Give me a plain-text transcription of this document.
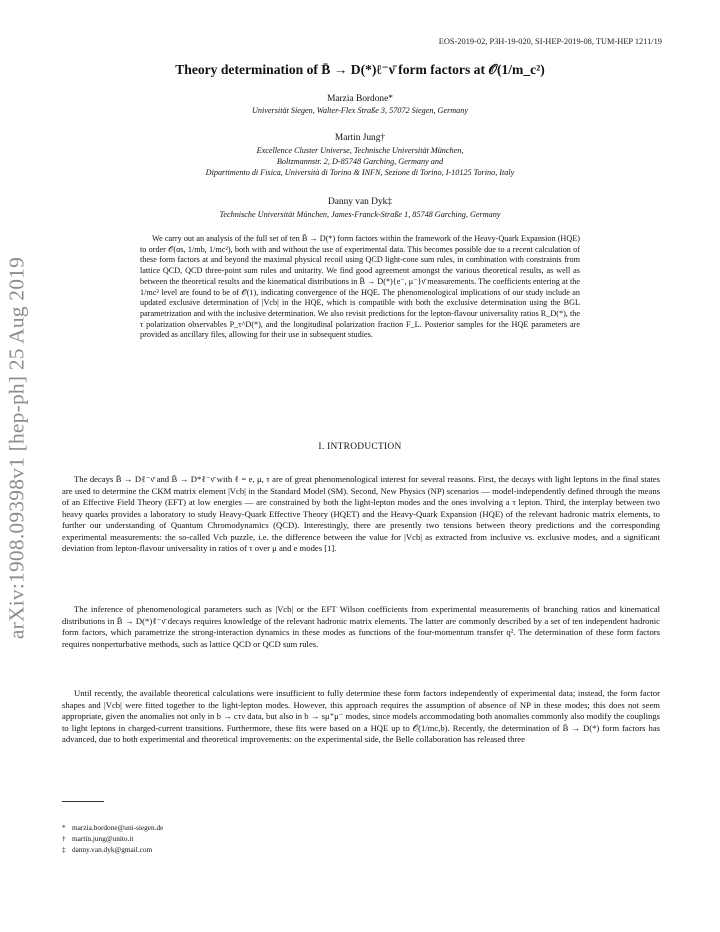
arXiv:1908.09398v1 [hep-ph] 25 Aug 2019
EOS-2019-02, P3H-19-020, SI-HEP-2019-08, TUM-HEP 1211/19
Theory determination of B̄ → D(*)ℓ⁻ν̄ form factors at 𝒪(1/m_c²)
Marzia Bordone*
Universität Siegen, Walter-Flex Straße 3, 57072 Siegen, Germany
Martin Jung†
Excellence Cluster Universe, Technische Universität München,
Boltzmannstr. 2, D-85748 Garching, Germany and
Dipartimento di Fisica, Università di Torino & INFN, Sezione di Torino, I-10125 Torino, Italy
Danny van Dyk‡
Technische Universität München, James-Franck-Straße 1, 85748 Garching, Germany
We carry out an analysis of the full set of ten B̄ → D(*) form factors within the framework of the Heavy-Quark Expansion (HQE) to order 𝒪(αs, 1/mb, 1/mc²), both with and without the use of experimental data. This becomes possible due to a recent calculation of these form factors at and beyond the maximal physical recoil using QCD light-cone sum rules, in combination with constraints from lattice QCD, QCD three-point sum rules and unitarity. We find good agreement amongst the various theoretical results, as well as between the theoretical results and the kinematical distributions in B̄ → D(*){e⁻, μ⁻}ν̄ measurements. The coefficients entering at the 1/mc² level are found to be of 𝒪(1), indicating convergence of the HQE. The phenomenological implications of our study include an updated exclusive determination of |Vcb| in the HQE, which is compatible with both the exclusive determination using the BGL parametrization and with the inclusive determination. We also revisit predictions for the lepton-flavour universality ratios R_D(*), the τ polarization observables P_τ^D(*), and the longitudinal polarization fraction F_L. Posterior samples for the HQE parameters are provided as ancillary files, allowing for their use in subsequent studies.
I. INTRODUCTION
The decays B̄ → Dℓ⁻ν̄ and B̄ → D*ℓ⁻ν̄ with ℓ = e, μ, τ are of great phenomenological interest for several reasons. First, the decays with light leptons in the final states are used to determine the CKM matrix element |Vcb| in the Standard Model (SM). Second, New Physics (NP) scenarios — model-independently defined through the means of an Effective Field Theory (EFT) at low energies — are constrained by both the light-lepton modes and the ones involving a τ lepton. Third, the interplay between two heavy quarks provides a laboratory to study Heavy-Quark Effective Theory (HQET) and the Heavy-Quark Expansion (HQE) of the relevant hadronic matrix elements, to further our understanding of Quantum Chromodynamics (QCD). Interestingly, there are presently two tensions between theory predictions and the corresponding experimental measurements: the so-called Vcb puzzle, i.e. the difference between the value for |Vcb| as extracted from inclusive vs. exclusive modes, and a significant deviation from lepton-flavour universality in ratios of τ over μ and e modes [1].
The inference of phenomenological parameters such as |Vcb| or the EFT Wilson coefficients from experimental measurements of branching ratios and kinematical distributions in B̄ → D(*)ℓ⁻ν̄ decays requires knowledge of the relevant hadronic matrix elements. The latter are commonly described by a set of ten independent hadronic form factors, which parametrize the strong-interaction dynamics in these modes as functions of the four-momentum transfer q². The determination of these form factors requires nonperturbative methods, such as lattice QCD or QCD sum rules.
Until recently, the available theoretical calculations were insufficient to fully determine these form factors independently of experimental data; instead, the form factor shapes and |Vcb| were fitted together to the light-lepton modes. However, this approach requires the assumption of absence of NP in these modes; this does not seem appropriate, given the anomalies not only in b → cτν data, but also in b → sμ⁺μ⁻ modes, since models accommodating both anomalies commonly also modify the couplings to light leptons in charged-current transitions. Furthermore, these fits were based on a HQE up to 𝒪(1/mc,b). Recently, the determination of B̄ → D(*) form factors has advanced, due to both experimental and theoretical improvements: on the experimental side, the Belle collaboration has released three
* marzia.bordone@uni-siegen.de
† martin.jung@unito.it
‡ danny.van.dyk@gmail.com
